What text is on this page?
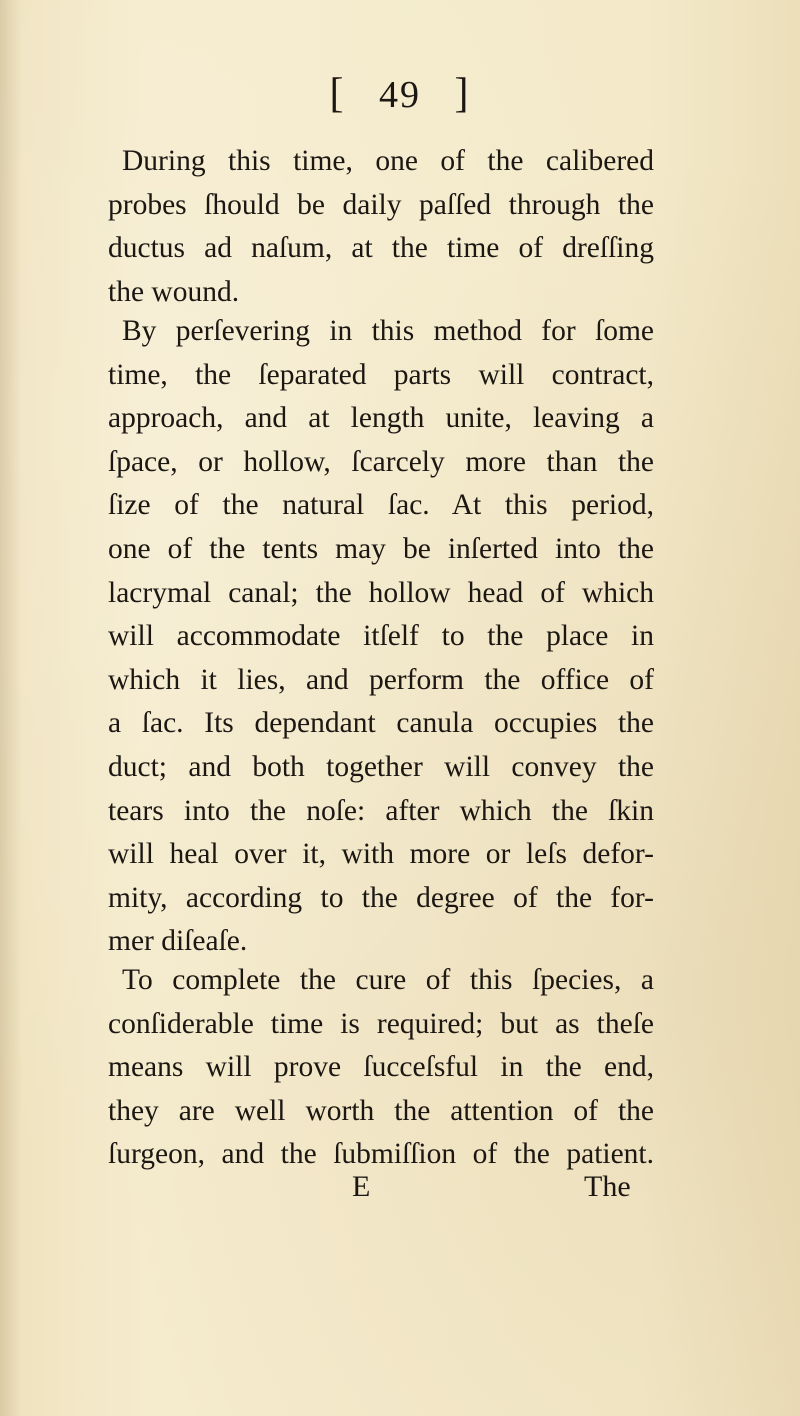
[ 49 ]
During this time, one of the calibered
probes ſhould be daily paſſed through the
ductus ad naſum, at the time of dreſſing
the wound.
By perſevering in this method for ſome
time, the ſeparated parts will contract,
approach, and at length unite, leaving a
ſpace, or hollow, ſcarcely more than the
ſize of the natural ſac. At this period,
one of the tents may be inſerted into the
lacrymal canal; the hollow head of which
will accommodate itſelf to the place in
which it lies, and perform the office of
a ſac. Its dependant canula occupies the
duct; and both together will convey the
tears into the noſe: after which the ſkin
will heal over it, with more or leſs defor-
mity, according to the degree of the for-
mer diſeaſe.
To complete the cure of this ſpecies, a
conſiderable time is required; but as theſe
means will prove ſucceſsful in the end,
they are well worth the attention of the
ſurgeon, and the ſubmiſſion of the patient.
E	The
